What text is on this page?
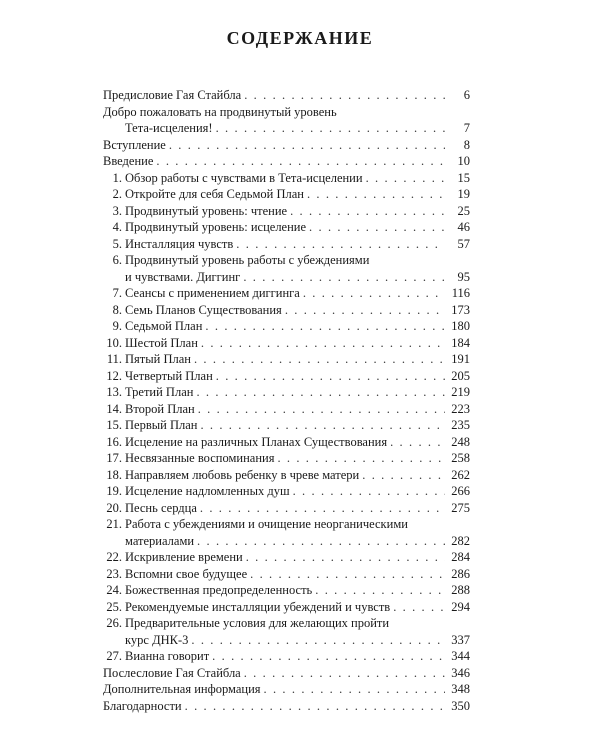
СОДЕРЖАНИЕ
Предисловие Гая Стайбла . . .	6
Добро пожаловать на продвинутый уровень
Тета-исцеления! . . .	7
Вступление . . .	8
Введение . . .	10
1. Обзор работы с чувствами в Тета-исцелении . . .	15
2. Откройте для себя Седьмой План . . .	19
3. Продвинутый уровень: чтение . . .	25
4. Продвинутый уровень: исцеление . . .	46
5. Инсталляция чувств . . .	57
6. Продвинутый уровень работы с убеждениями
и чувствами. Диггинг . . .	95
7. Сеансы с применением диггинга . . .	116
8. Семь Планов Существования . . .	173
9. Седьмой План . . .	180
10. Шестой План . . .	184
11. Пятый План . . .	191
12. Четвертый План . . .	205
13. Третий План . . .	219
14. Второй План . . .	223
15. Первый План . . .	235
16. Исцеление на различных Планах Существования . . .	248
17. Несвязанные воспоминания . . .	258
18. Направляем любовь ребенку в чреве матери . . .	262
19. Исцеление надломленных душ . . .	266
20. Песнь сердца . . .	275
21. Работа с убеждениями и очищение неорганическими
материалами . . .	282
22. Искривление времени . . .	284
23. Вспомни свое будущее . . .	286
24. Божественная предопределенность . . .	288
25. Рекомендуемые инсталляции убеждений и чувств . . .	294
26. Предварительные условия для желающих пройти
курс ДНК-3 . . .	337
27. Вианна говорит . . .	344
Послесловие Гая Стайбла . . .	346
Дополнительная информация . . .	348
Благодарности . . .	350
